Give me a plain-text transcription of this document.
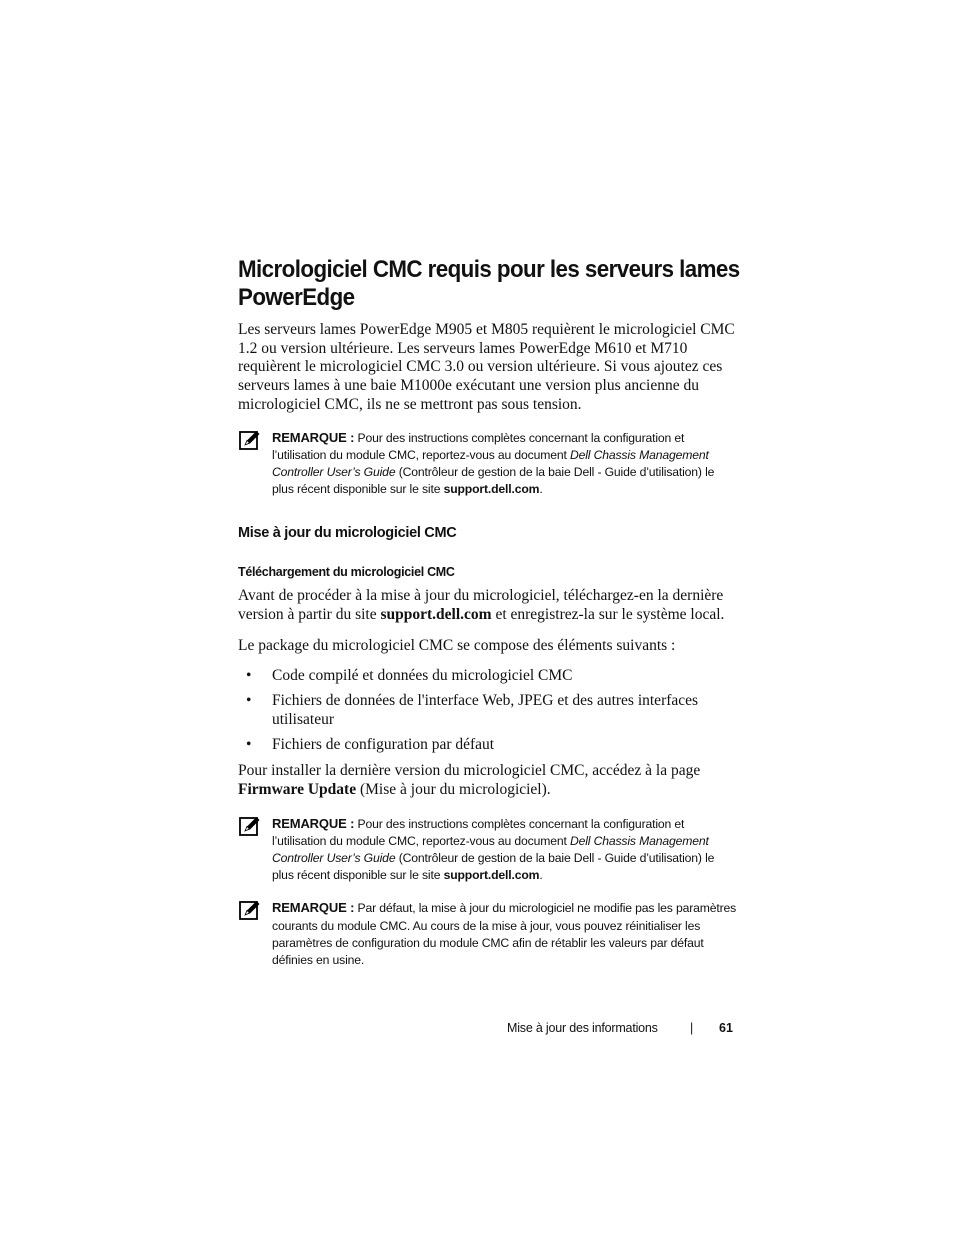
Micrologiciel CMC requis pour les serveurs lames PowerEdge

Les serveurs lames PowerEdge M905 et M805 requièrent le micrologiciel CMC 1.2 ou version ultérieure. Les serveurs lames PowerEdge M610 et M710 requièrent le micrologiciel CMC 3.0 ou version ultérieure. Si vous ajoutez ces serveurs lames à une baie M1000e exécutant une version plus ancienne du micrologiciel CMC, ils ne se mettront pas sous tension.

REMARQUE : Pour des instructions complètes concernant la configuration et l’utilisation du module CMC, reportez-vous au document Dell Chassis Management Controller User’s Guide (Contrôleur de gestion de la baie Dell - Guide d’utilisation) le plus récent disponible sur le site support.dell.com.
Mise à jour du micrologiciel CMC
Téléchargement du micrologiciel CMC

Avant de procéder à la mise à jour du micrologiciel, téléchargez-en la dernière version à partir du site support.dell.com et enregistrez-la sur le système local.

Le package du micrologiciel CMC se compose des éléments suivants :

• Code compilé et données du micrologiciel CMC
• Fichiers de données de l'interface Web, JPEG et des autres interfaces utilisateur
• Fichiers de configuration par défaut

Pour installer la dernière version du micrologiciel CMC, accédez à la page Firmware Update (Mise à jour du micrologiciel).

REMARQUE : Pour des instructions complètes concernant la configuration et l’utilisation du module CMC, reportez-vous au document Dell Chassis Management Controller User’s Guide (Contrôleur de gestion de la baie Dell - Guide d’utilisation) le plus récent disponible sur le site support.dell.com.
REMARQUE : Par défaut, la mise à jour du micrologiciel ne modifie pas les paramètres courants du module CMC. Au cours de la mise à jour, vous pouvez réinitialiser les paramètres de configuration du module CMC afin de rétablir les valeurs par défaut définies en usine.
Mise à jour des informations	| 61
